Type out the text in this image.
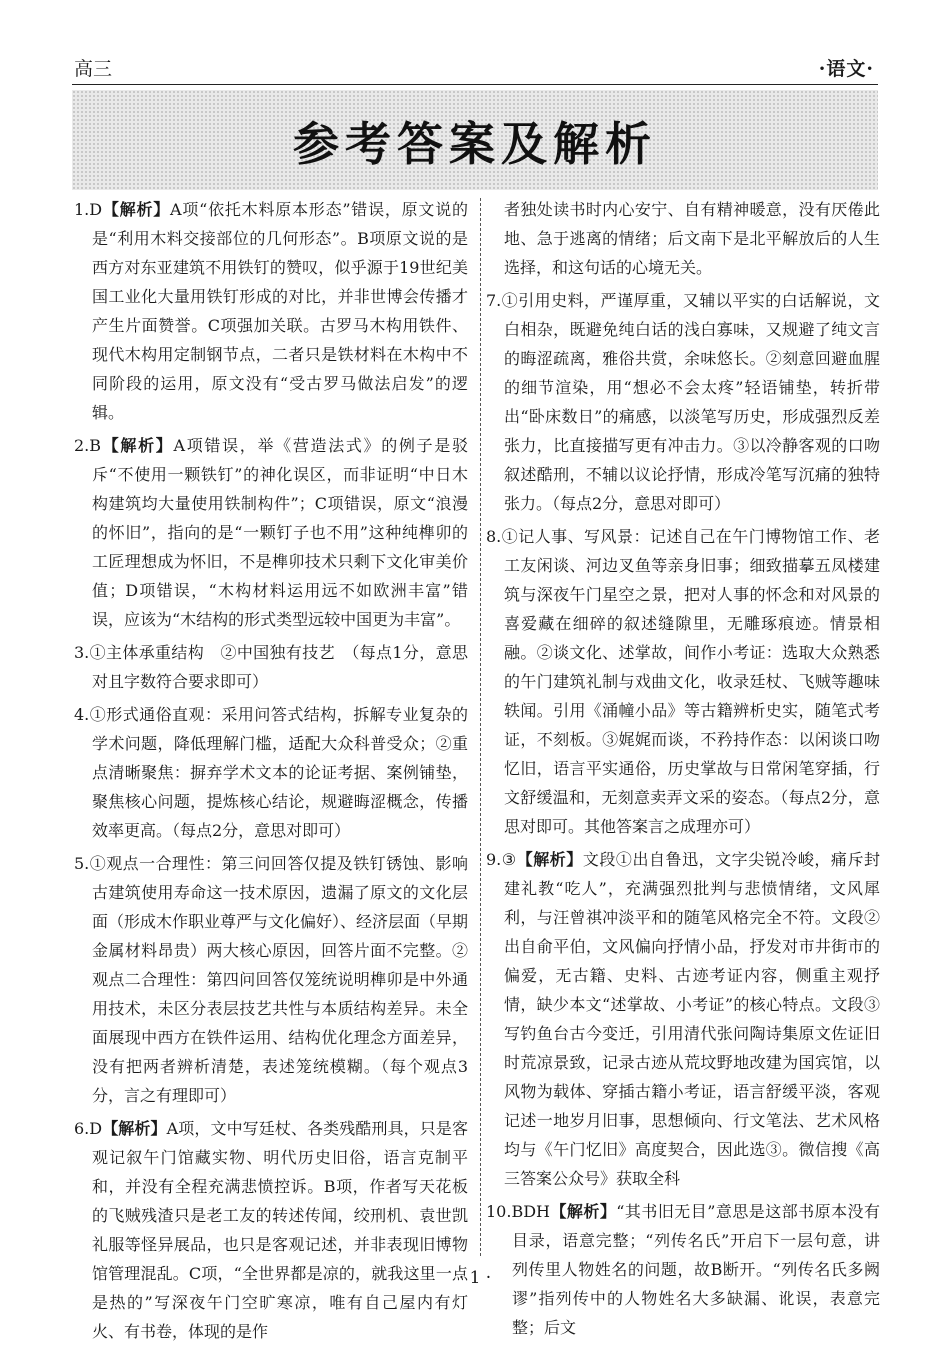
高三	·语文·
参考答案及解析
1.D【解析】A项“依托木料原本形态”错误，原文说的是“利用木料交接部位的几何形态”。B项原文说的是西方对东亚建筑不用铁钉的赞叹，似乎源于19世纪美国工业化大量用铁钉形成的对比，并非世博会传播才产生片面赞誉。C项强加关联。古罗马木构用铁件、现代木构用定制钢节点，二者只是铁材料在木构中不同阶段的运用，原文没有“受古罗马做法启发”的逻辑。
2.B【解析】A项错误，举《营造法式》的例子是驳斥“不使用一颗铁钉”的神化误区，而非证明“中日木构建筑均大量使用铁制构件”；C项错误，原文“浪漫的怀旧”，指向的是“一颗钉子也不用”这种纯榫卯的工匠理想成为怀旧，不是榫卯技术只剩下文化审美价值；D项错误，“木构材料运用远不如欧洲丰富”错误，应该为“木结构的形式类型远较中国更为丰富”。
3.①主体承重结构　②中国独有技艺　（每点1分，意思对且字数符合要求即可）
4.①形式通俗直观：采用问答式结构，拆解专业复杂的学术问题，降低理解门槛，适配大众科普受众；②重点清晰聚焦：摒弃学术文本的论证考据、案例铺垫，聚焦核心问题，提炼核心结论，规避晦涩概念，传播效率更高。（每点2分，意思对即可）
5.①观点一合理性：第三问回答仅提及铁钉锈蚀、影响古建筑使用寿命这一技术原因，遗漏了原文的文化层面（形成木作职业尊严与文化偏好）、经济层面（早期金属材料昂贵）两大核心原因，回答片面不完整。②观点二合理性：第四问回答仅笼统说明榫卯是中外通用技术，未区分表层技艺共性与本质结构差异。未全面展现中西方在铁件运用、结构优化理念方面差异，没有把两者辨析清楚，表述笼统模糊。（每个观点3分，言之有理即可）
6.D【解析】A项，文中写廷杖、各类残酷刑具，只是客观记叙午门馆藏实物、明代历史旧俗，语言克制平和，并没有全程充满悲愤控诉。B项，作者写天花板的飞贼残渣只是老工友的转述传闻，绞刑机、袁世凯礼服等怪异展品，也只是客观记述，并非表现旧博物馆管理混乱。C项，“全世界都是凉的，就我这里一点是热的”写深夜午门空旷寒凉，唯有自己屋内有灯火、有书卷，体现的是作
者独处读书时内心安宁、自有精神暖意，没有厌倦此地、急于逃离的情绪；后文南下是北平解放后的人生选择，和这句话的心境无关。
7.①引用史料，严谨厚重，又辅以平实的白话解说，文白相杂，既避免纯白话的浅白寡味，又规避了纯文言的晦涩疏离，雅俗共赏，余味悠长。②刻意回避血腥的细节渲染，用“想必不会太疼”轻语铺垫，转折带出“卧床数日”的痛感，以淡笔写历史，形成强烈反差张力，比直接描写更有冲击力。③以冷静客观的口吻叙述酷刑，不辅以议论抒情，形成冷笔写沉痛的独特张力。（每点2分，意思对即可）
8.①记人事、写风景：记述自己在午门博物馆工作、老工友闲谈、河边叉鱼等亲身旧事；细致描摹五凤楼建筑与深夜午门星空之景，把对人事的怀念和对风景的喜爱藏在细碎的叙述缝隙里，无雕琢痕迹。情景相融。②谈文化、述掌故，间作小考证：选取大众熟悉的午门建筑礼制与戏曲文化，收录廷杖、飞贼等趣味轶闻。引用《涌幢小品》等古籍辨析史实，随笔式考证，不刻板。③娓娓而谈，不矜持作态：以闲谈口吻忆旧，语言平实通俗，历史掌故与日常闲笔穿插，行文舒缓温和，无刻意卖弄文采的姿态。（每点2分，意思对即可。其他答案言之成理亦可）
9.③【解析】文段①出自鲁迅，文字尖锐冷峻，痛斥封建礼教“吃人”，充满强烈批判与悲愤情绪，文风犀利，与汪曾祺冲淡平和的随笔风格完全不符。文段②出自俞平伯，文风偏向抒情小品，抒发对市井街市的偏爱，无古籍、史料、古迹考证内容，侧重主观抒情，缺少本文“述掌故、小考证”的核心特点。文段③写钓鱼台古今变迁，引用清代张问陶诗集原文佐证旧时荒凉景致，记录古迹从荒坟野地改建为国宾馆，以风物为载体、穿插古籍小考证，语言舒缓平淡，客观记述一地岁月旧事，思想倾向、行文笔法、艺术风格均与《午门忆旧》高度契合，因此选③。微信搜《高三答案公众号》获取全科
10.BDH【解析】“其书旧无目”意思是这部书原本没有目录，语意完整；“列传名氏”开启下一层句意，讲列传里人物姓名的问题，故B断开。“列传名氏多阙谬”指列传中的人物姓名大多缺漏、讹误，表意完整；后文
· 1 ·
